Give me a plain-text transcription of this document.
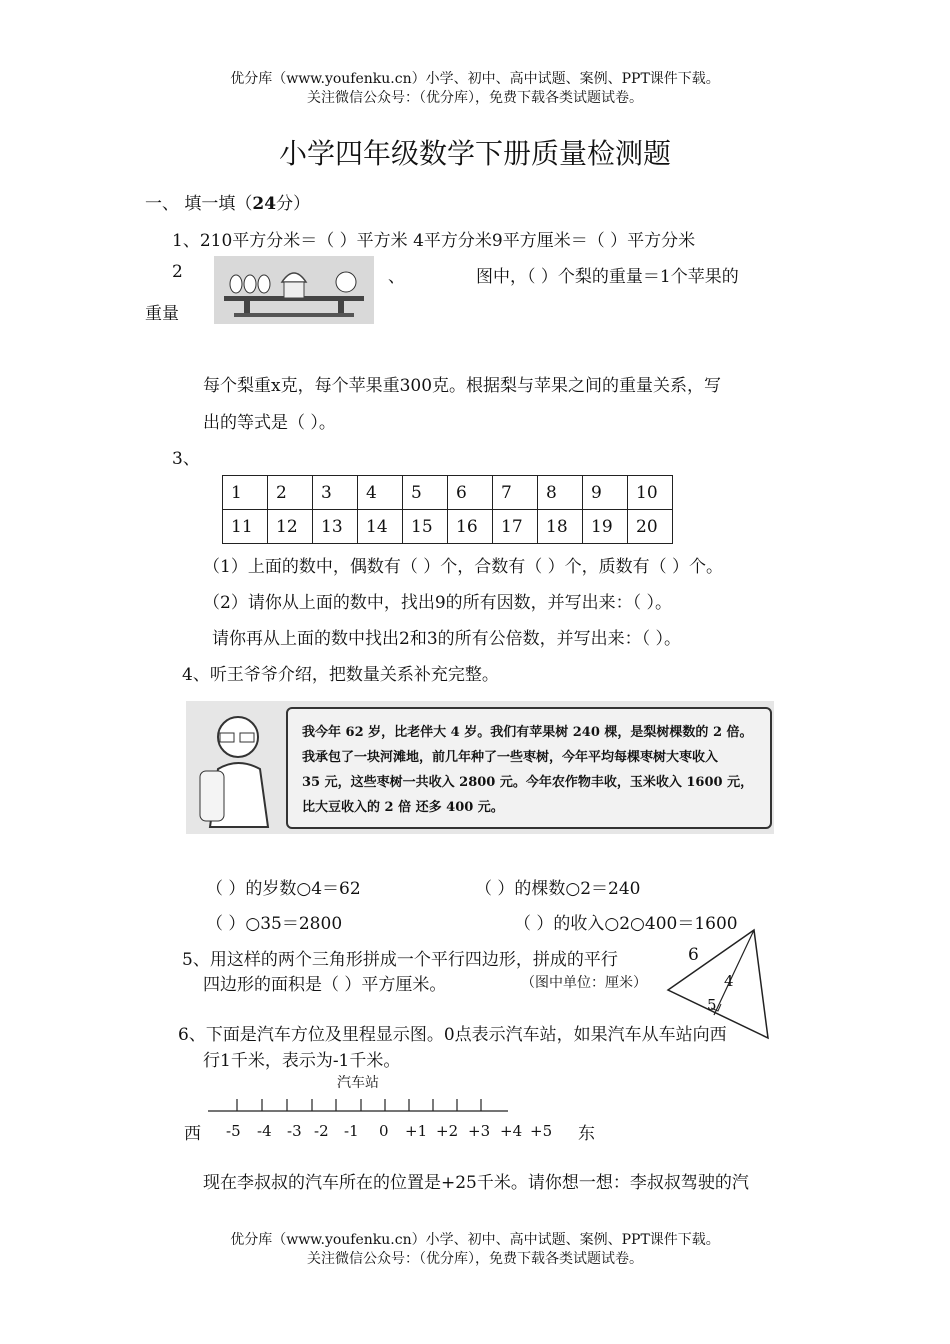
优分库（www.youfenku.cn）小学、初中、高中试题、案例、PPT课件下载。
关注微信公众号：（优分库），免费下载各类试题试卷。
小学四年级数学下册质量检测题
一、 填一填（24分）
1、210平方分米＝（ ）平方米 4平方分米9平方厘米＝（ ）平方分米
2	、	图中，（ ）个梨的重量＝1个苹果的
重量
每个梨重x克，每个苹果重300克。根据梨与苹果之间的重量关系，写
出的等式是（ ）。
3、
1	2	3	4	5	6	7	8	9	10
11	12	13	14	15	16	17	18	19	20
（1）上面的数中，偶数有（ ）个，合数有（ ）个，质数有（ ）个。
（2）请你从上面的数中，找出9的所有因数，并写出来：（ ）。
请你再从上面的数中找出2和3的所有公倍数，并写出来：（ ）。
4、听王爷爷介绍，把数量关系补充完整。
我今年 62 岁，比老伴大 4 岁。我们有苹果树 240 棵，是梨树棵数的 2 倍。
我承包了一块河滩地，前几年种了一些枣树，今年平均每棵枣树大枣收入
35 元，这些枣树一共收入 2800 元。今年农作物丰收，玉米收入 1600 元，
比大豆收入的 2 倍 还多 400 元。
（ ）的岁数○4＝62	（ ）的棵数○2＝240
（ ）○35＝2800	（ ）的收入○2○400＝1600
5、用这样的两个三角形拼成一个平行四边形，拼成的平行
四边形的面积是（ ）平方厘米。	（图中单位：厘米）
6
4
5
6、下面是汽车方位及里程显示图。0点表示汽车站，如果汽车从车站向西
行1千米，表示为-1千米。
汽车站
西 -5 -4 -3 -2 -1 0 +1 +2 +3 +4 +5 东
现在李叔叔的汽车所在的位置是+25千米。请你想一想：李叔叔驾驶的汽
优分库（www.youfenku.cn）小学、初中、高中试题、案例、PPT课件下载。
关注微信公众号：（优分库），免费下载各类试题试卷。
